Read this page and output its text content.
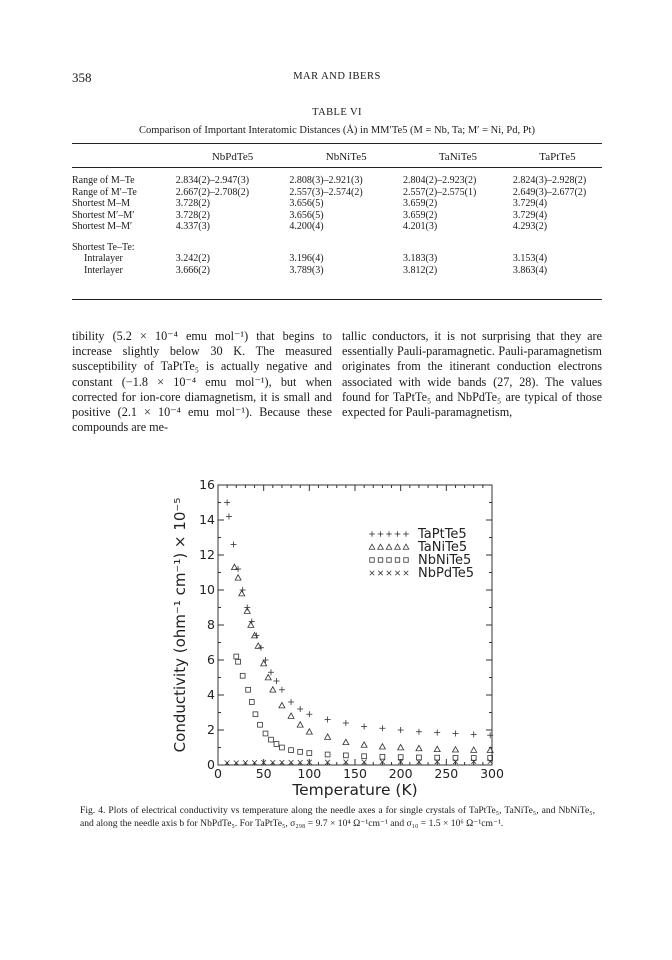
358	MAR AND IBERS
TABLE VI
Comparison of Important Interatomic Distances (Å) in MM′Te5 (M = Nb, Ta; M′ = Ni, Pd, Pt)
	NbPdTe5	NbNiTe5	TaNiTe5	TaPtTe5

Range of M–Te	2.834(2)–2.947(3)	2.808(3)–2.921(3)	2.804(2)–2.923(2)	2.824(3)–2.928(2)
Range of M′–Te	2.667(2)–2.708(2)	2.557(3)–2.574(2)	2.557(2)–2.575(1)	2.649(3)–2.677(2)
Shortest M–M	3.728(2)	3.656(5)	3.659(2)	3.729(4)
Shortest M′–M′	3.728(2)	3.656(5)	3.659(2)	3.729(4)
Shortest M–M′	4.337(3)	4.200(4)	4.201(3)	4.293(2)

Shortest Te–Te:				
Intralayer	3.242(2)	3.196(4)	3.183(3)	3.153(4)
Interlayer	3.666(2)	3.789(3)	3.812(2)	3.863(4)
tibility (5.2 × 10⁻⁴ emu mol⁻¹) that begins to increase slightly below 30 K. The measured susceptibility of TaPtTe₅ is actually negative and constant (−1.8 × 10⁻⁴ emu mol⁻¹), but when corrected for ion-core diamagnetism, it is small and positive (2.1 × 10⁻⁴ emu mol⁻¹). Because these compounds are me-
tallic conductors, it is not surprising that they are essentially Pauli-paramagnetic. Pauli-paramagnetism originates from the itinerant conduction electrons associated with wide bands (27, 28). The values found for TaPtTe₅ and NbPdTe₅ are typical of those expected for Pauli-paramagnetism,
0	50 100 150 200 250 300
0
2
4
6
8
10
12
14
16
Temperature (K)
Conductivity (ohm⁻¹ cm⁻¹) × 10⁻⁵	TaPtTe5
TaNiTe5
NbNiTe5
NbPdTe5
Fig. 4. Plots of electrical conductivity vs temperature along the needle axes a for single crystals of TaPtTe₅, TaNiTe₅, and NbNiTe₅, and along the needle axis b for NbPdTe₅. For TaPtTe₅, σ₂₉₈ = 9.7 × 10⁴ Ω⁻¹cm⁻¹ and σ₁₀ = 1.5 × 10⁶ Ω⁻¹cm⁻¹.
